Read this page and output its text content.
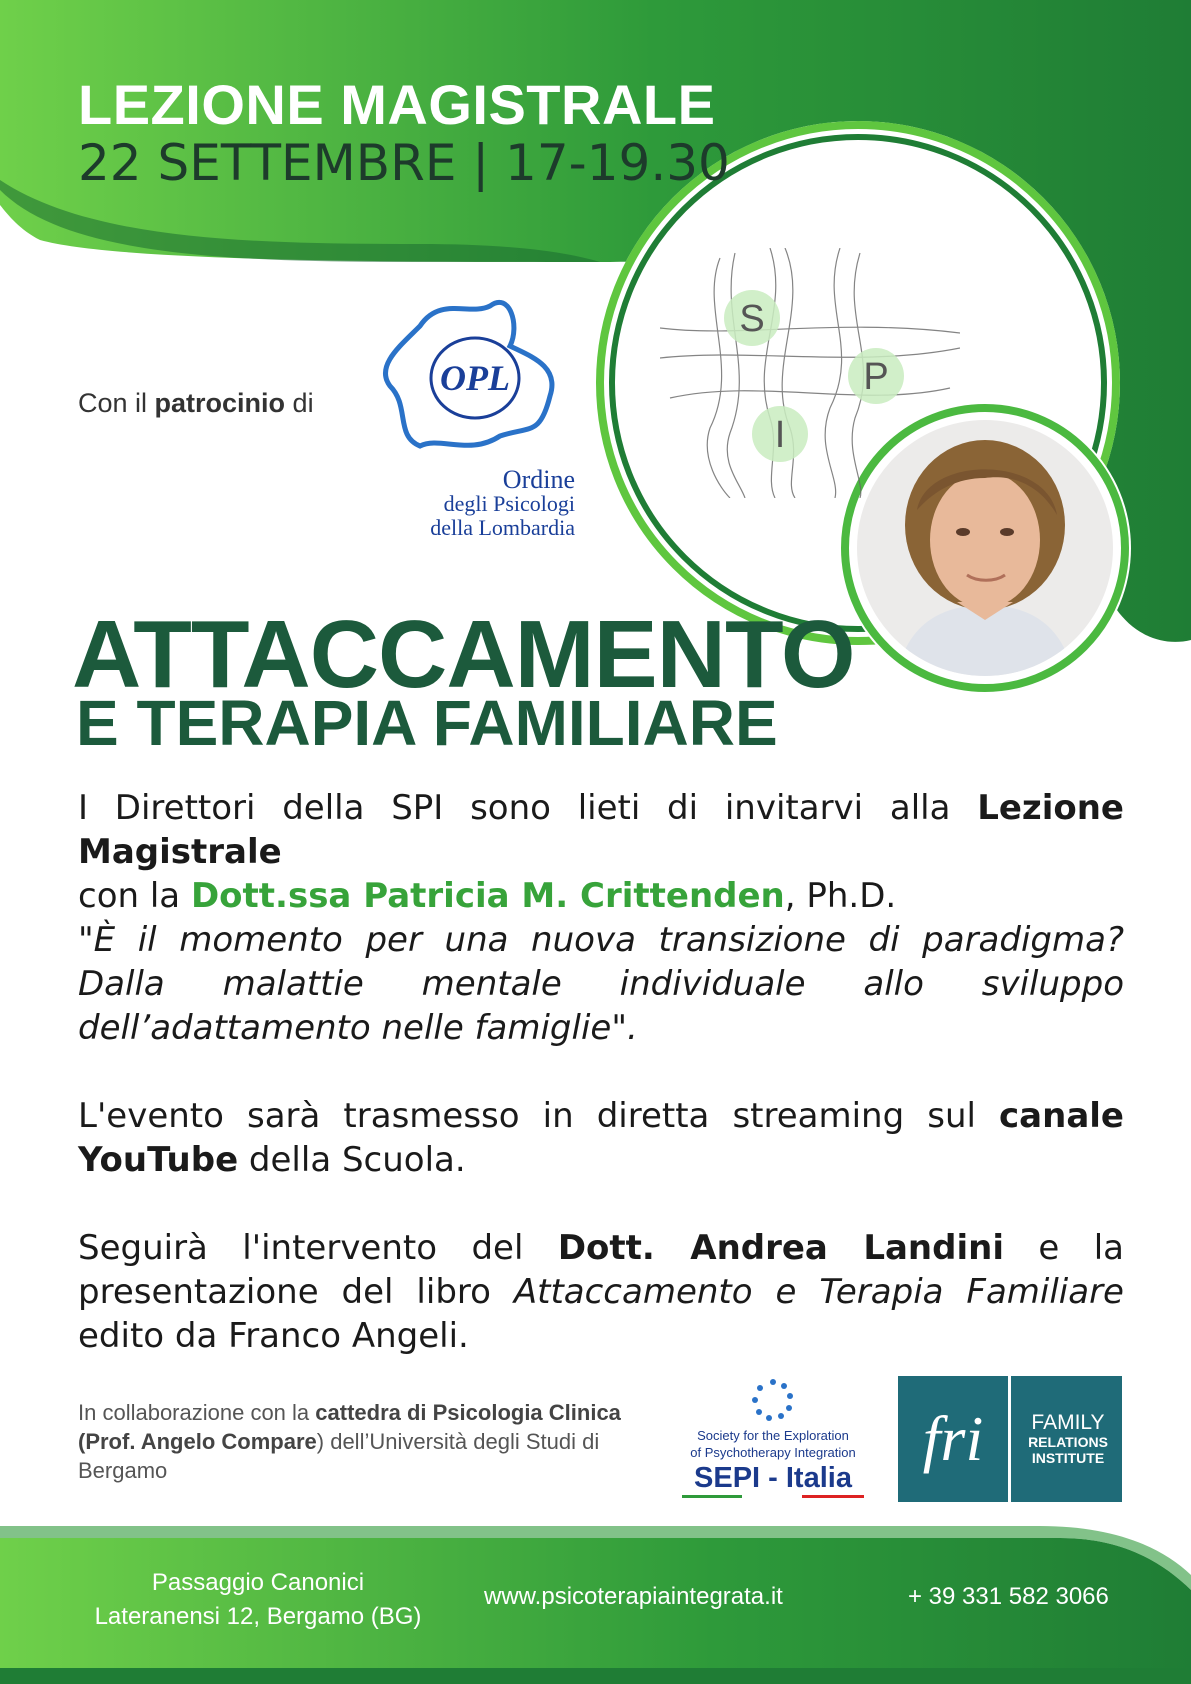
S
P
I
LEZIONE MAGISTRALE
22 SETTEMBRE | 17-19.30
Con il patrocinio di
OPL
Ordine
degli Psicologi
della Lombardia
ATTACCAMENTO
E TERAPIA FAMILIARE
I Direttori della SPI sono lieti di invitarvi alla Lezione Magistrale
con la Dott.ssa Patricia M. Crittenden, Ph.D.
"È il momento per una nuova transizione di paradigma? Dalla malattie mentale individuale allo sviluppo dell’adattamento nelle famiglie".
L'evento sarà trasmesso in diretta streaming sul canale YouTube della Scuola.
Seguirà l'intervento del Dott. Andrea Landini e la presentazione del libro Attaccamento e Terapia Familiare edito da Franco Angeli.
In collaborazione con la cattedra di Psicologia Clinica (Prof. Angelo Compare) dell’Università degli Studi di Bergamo
Society for the Exploration
of Psychotherapy Integration
SEPI - Italia
fri	FAMILY
RELATIONS
INSTITUTE
Passaggio Canonici
Lateranensi 12, Bergamo (BG)
www.psicoterapiaintegrata.it	+ 39 331 582 3066
